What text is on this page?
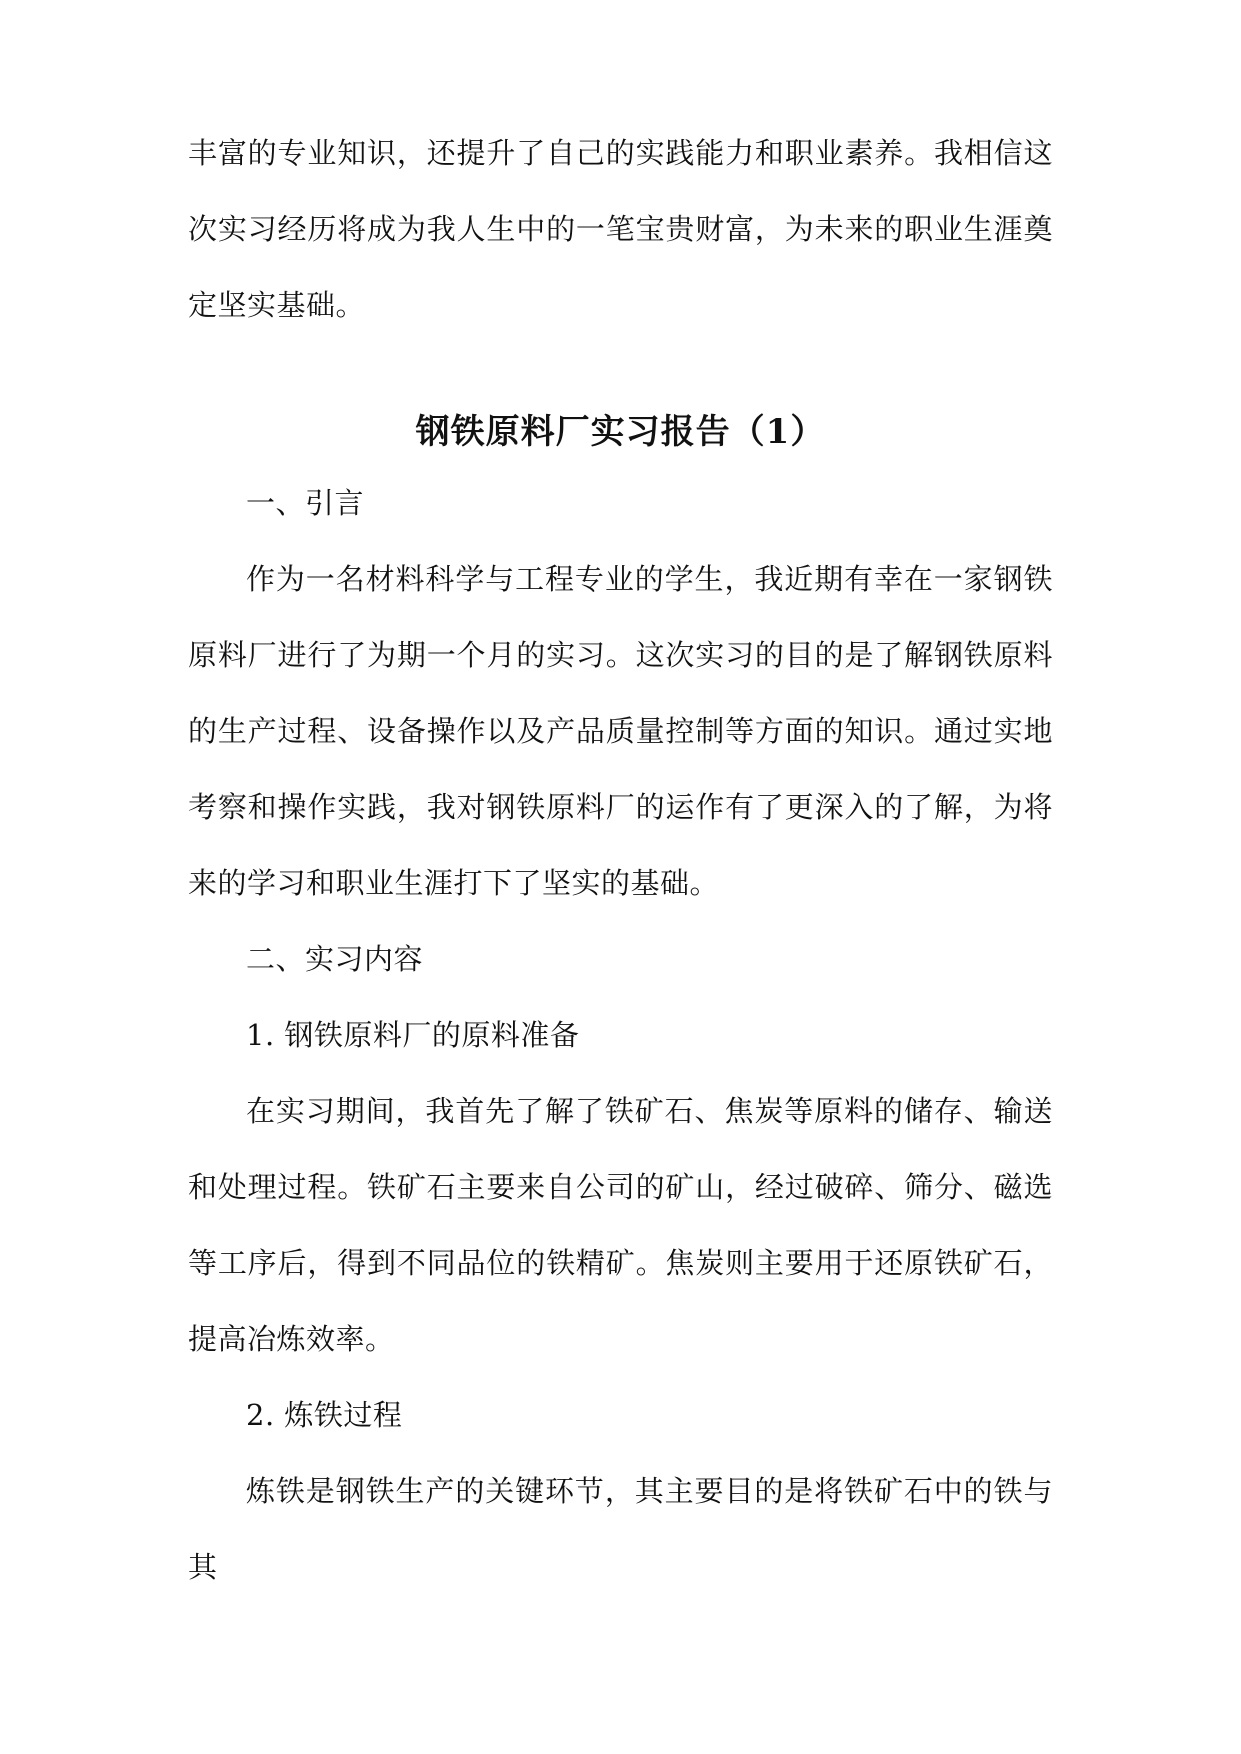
丰富的专业知识，还提升了自己的实践能力和职业素养。我相信这次实习经历将成为我人生中的一笔宝贵财富，为未来的职业生涯奠定坚实基础。

钢铁原料厂实习报告（1）

一、引言

作为一名材料科学与工程专业的学生，我近期有幸在一家钢铁原料厂进行了为期一个月的实习。这次实习的目的是了解钢铁原料的生产过程、设备操作以及产品质量控制等方面的知识。通过实地考察和操作实践，我对钢铁原料厂的运作有了更深入的了解，为将来的学习和职业生涯打下了坚实的基础。

二、实习内容

1. 钢铁原料厂的原料准备

在实习期间，我首先了解了铁矿石、焦炭等原料的储存、输送和处理过程。铁矿石主要来自公司的矿山，经过破碎、筛分、磁选等工序后，得到不同品位的铁精矿。焦炭则主要用于还原铁矿石，提高冶炼效率。

2. 炼铁过程

炼铁是钢铁生产的关键环节，其主要目的是将铁矿石中的铁与其
